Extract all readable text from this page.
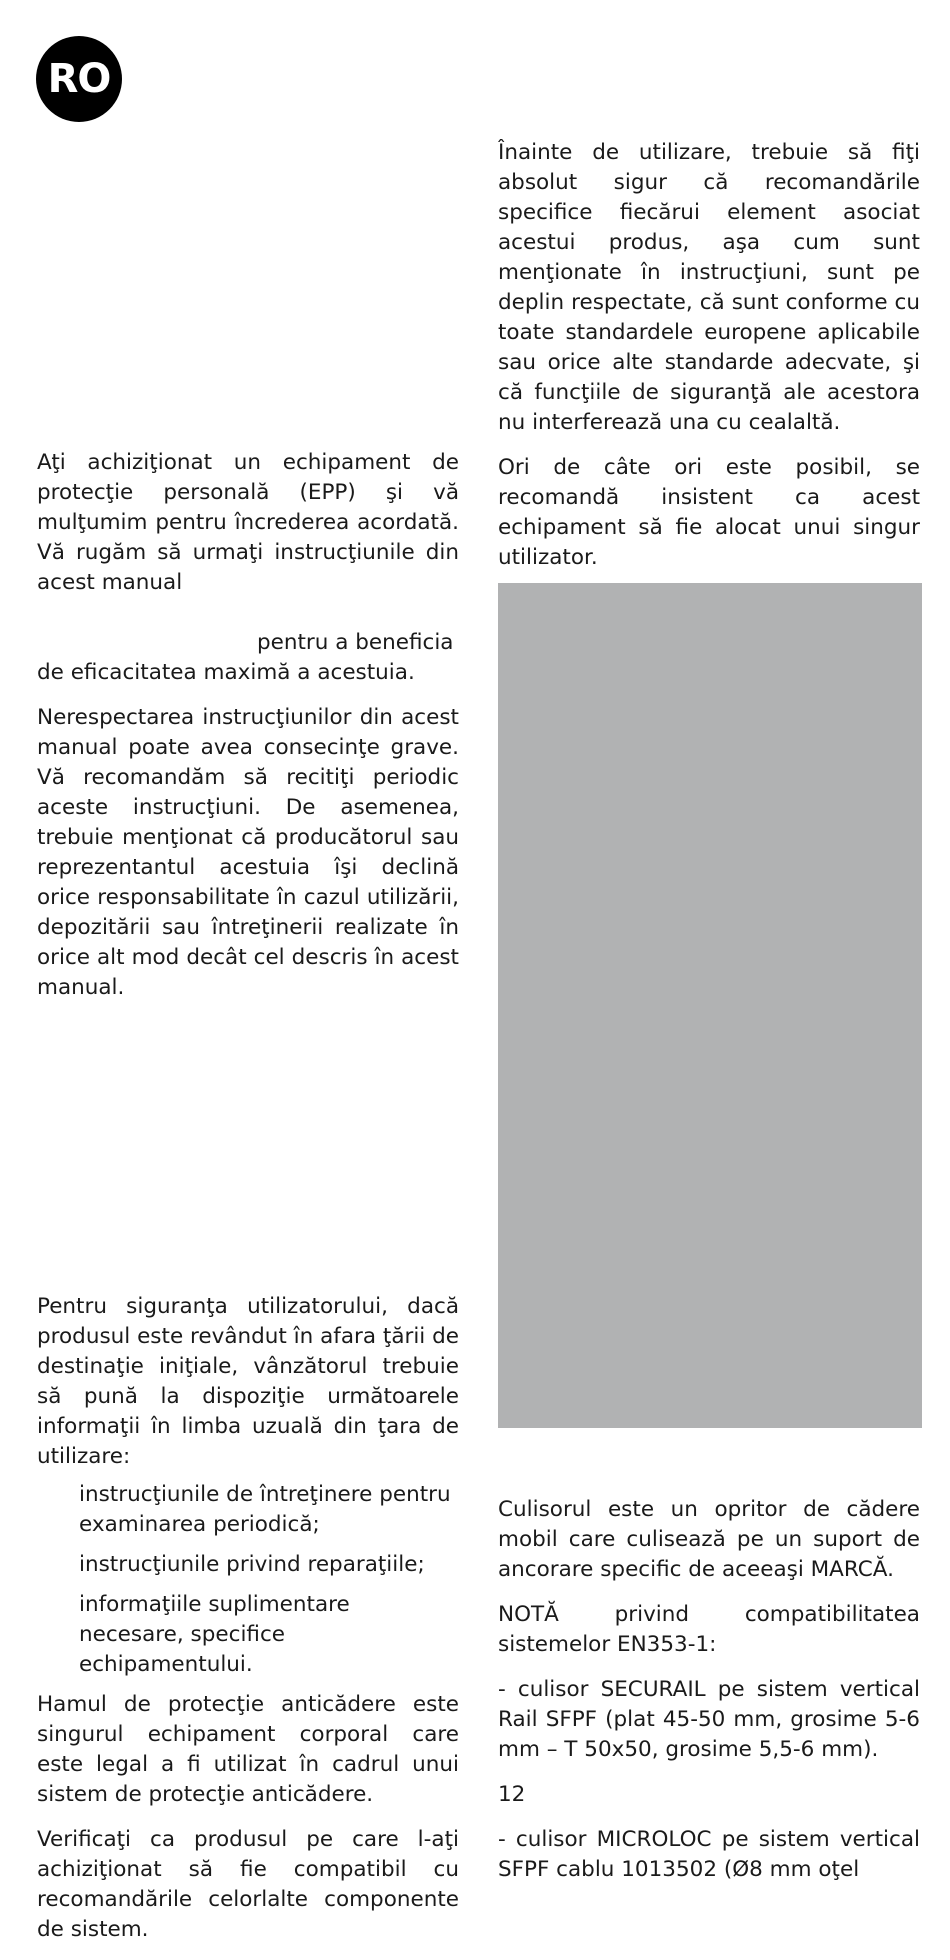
RO

Aţi achiziţionat un echipament de protecţie personală (EPP) şi vă mulţumim pentru încrederea acordată. Vă rugăm să urmaţi instrucţiunile din acest manual

pentru a beneficia de eficacitatea maximă a acestuia.

Nerespectarea instrucţiunilor din acest manual poate avea consecinţe grave. Vă recomandăm să recitiţi periodic aceste instrucţiuni. De asemenea, trebuie menţionat că producătorul sau reprezentantul acestuia îşi declină orice responsabilitate în cazul utilizării, depozitării sau întreţinerii realizate în orice alt mod decât cel descris în acest manual.

Pentru siguranţa utilizatorului, dacă produsul este revândut în afara ţării de destinaţie iniţiale, vânzătorul trebuie să pună la dispoziţie următoarele informaţii în limba uzuală din ţara de utilizare:

instrucţiunile de întreţinere pentru examinarea periodică;
instrucţiunile privind reparaţiile;
informaţiile suplimentare necesare, specifice echipamentului.

Hamul de protecţie anticădere este singurul echipament corporal care este legal a fi utilizat în cadrul unui sistem de protecţie anticădere.

Verificaţi ca produsul pe care l-aţi achiziţionat să fie compatibil cu recomandările celorlalte componente de sistem.

Înainte de utilizare, trebuie să fiţi absolut sigur că recomandările specifice fiecărui element asociat acestui produs, aşa cum sunt menţionate în instrucţiuni, sunt pe deplin respectate, că sunt conforme cu toate standardele europene aplicabile sau orice alte standarde adecvate, şi că funcţiile de siguranţă ale acestora nu interferează una cu cealaltă.

Ori de câte ori este posibil, se recomandă insistent ca acest echipament să fie alocat unui singur utilizator.

Culisorul este un opritor de cădere mobil care culisează pe un suport de ancorare specific de aceeaşi MARCĂ.

NOTĂ privind compatibilitatea sistemelor EN353-1:

- culisor SECURAIL pe sistem vertical Rail SFPF (plat 45-50 mm, grosime 5-6 mm – T 50x50, grosime 5,5-6 mm).

12

- culisor MICROLOC pe sistem vertical SFPF cablu 1013502 (Ø8 mm oţel
